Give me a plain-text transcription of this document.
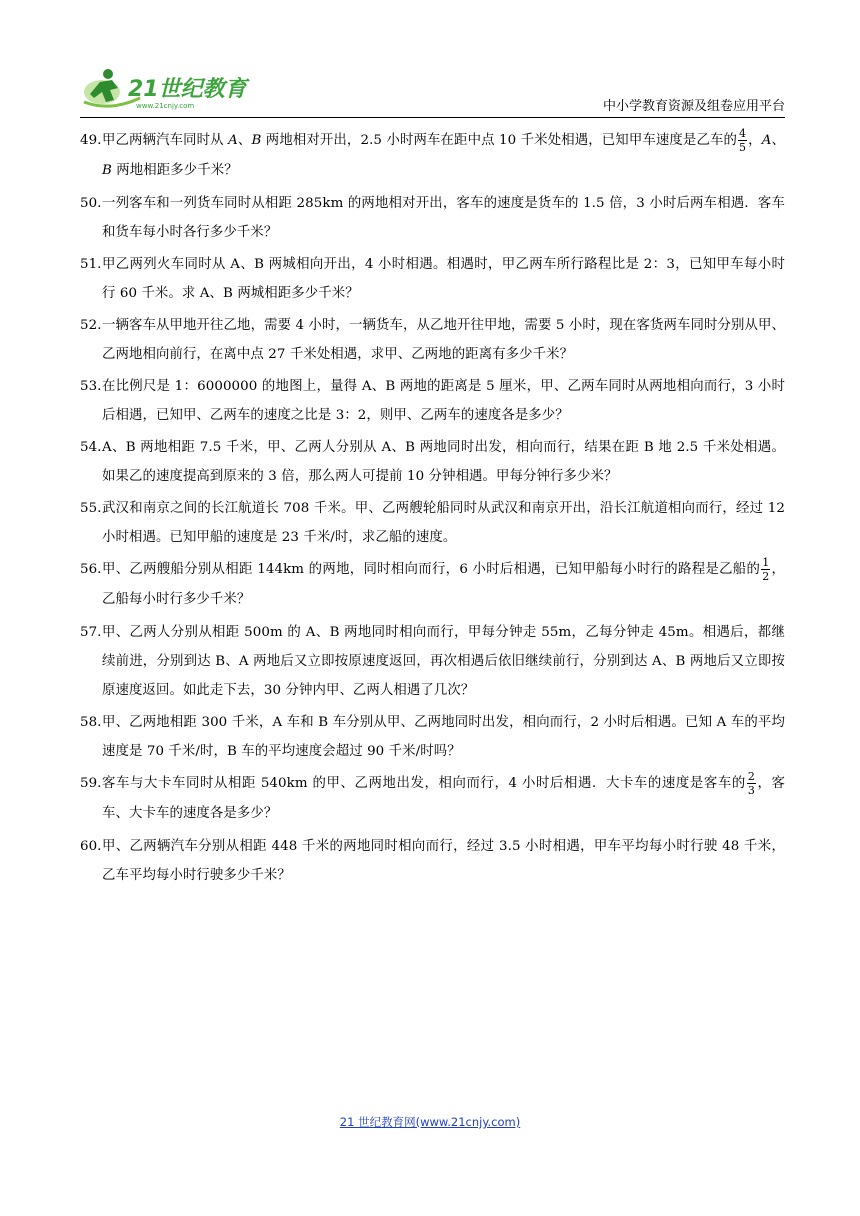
21世纪教育
www.21cnjy.com	中小学教育资源及组卷应用平台
49．
甲乙两辆汽车同时从 A、B 两地相对开出，2.5 小时两车在距中点 10 千米处相遇，已知甲车速度是乙车的 $\frac{4}{5}$ ，A、B 两地相距多少千米？
50．
一列客车和一列货车同时从相距 285km 的两地相对开出，客车的速度是货车的 1.5 倍，3 小时后两车相遇．客车和货车每小时各行多少千米？
51．
甲乙两列火车同时从 A、B 两城相向开出，4 小时相遇。相遇时，甲乙两车所行路程比是 2：3，已知甲车每小时行 60 千米。求 A、B 两城相距多少千米？
52．
一辆客车从甲地开往乙地，需要 4 小时，一辆货车，从乙地开往甲地，需要 5 小时，现在客货两车同时分别从甲、乙两地相向前行，在离中点 27 千米处相遇，求甲、乙两地的距离有多少千米？
53．
在比例尺是 1：6000000 的地图上，量得 A、B 两地的距离是 5 厘米，甲、乙两车同时从两地相向而行，3 小时后相遇，已知甲、乙两车的速度之比是 3：2，则甲、乙两车的速度各是多少？
54．
A、B 两地相距 7.5 千米，甲、乙两人分别从 A、B 两地同时出发，相向而行，结果在距 B 地 2.5 千米处相遇。如果乙的速度提高到原来的 3 倍，那么两人可提前 10 分钟相遇。甲每分钟行多少米？
55．
武汉和南京之间的长江航道长 708 千米。甲、乙两艘轮船同时从武汉和南京开出，沿长江航道相向而行，经过 12 小时相遇。已知甲船的速度是 23 千米/时，求乙船的速度。
56．
甲、乙两艘船分别从相距 144km 的两地，同时相向而行，6 小时后相遇，已知甲船每小时行的路程是乙船的 $\frac{1}{2}$ ，乙船每小时行多少千米？
57．
甲、乙两人分别从相距 500m 的 A、B 两地同时相向而行，甲每分钟走 55m，乙每分钟走 45m。相遇后，都继续前进，分别到达 B、A 两地后又立即按原速度返回，再次相遇后依旧继续前行，分别到达 A、B 两地后又立即按原速度返回。如此走下去，30 分钟内甲、乙两人相遇了几次？
58．
甲、乙两地相距 300 千米，A 车和 B 车分别从甲、乙两地同时出发，相向而行，2 小时后相遇。已知 A 车的平均速度是 70 千米/时，B 车的平均速度会超过 90 千米/时吗？
59．
客车与大卡车同时从相距 540km 的甲、乙两地出发，相向而行，4 小时后相遇．大卡车的速度是客车的 $\frac{2}{3}$ ，客车、大卡车的速度各是多少？
60．
甲、乙两辆汽车分别从相距 448 千米的两地同时相向而行，经过 3.5 小时相遇，甲车平均每小时行驶 48 千米，乙车平均每小时行驶多少千米？
21 世纪教育网(www.21cnjy.com)
